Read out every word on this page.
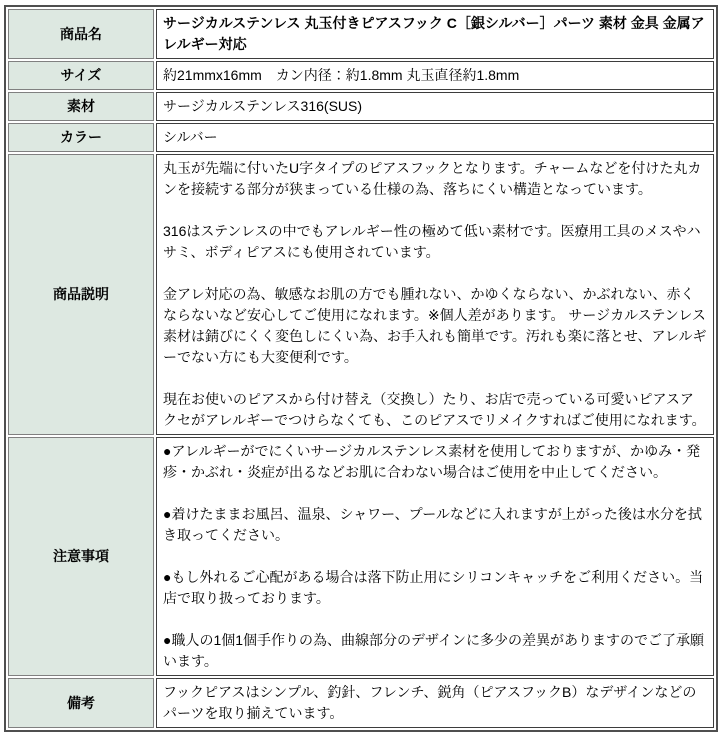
商品名	サージカルステンレス 丸玉付きピアスフック C［銀シルバー］パーツ 素材 金具 金属アレルギー対応
サイズ	約21mmx16mm　カン内径：約1.8mm 丸玉直径約1.8mm
素材	サージカルステンレス316(SUS)
カラー	シルバー
商品説明	丸玉が先端に付いたU字タイプのピアスフックとなります。チャームなどを付けた丸カンを接続する部分が狭まっている仕様の為、落ちにくい構造となっています。

316はステンレスの中でもアレルギー性の極めて低い素材です。医療用工具のメスやハサミ、ボディピアスにも使用されています。

金アレ対応の為、敏感なお肌の方でも腫れない、かゆくならない、かぶれない、赤くならないなど安心してご使用になれます。※個人差があります。 サージカルステンレス素材は錆びにくく変色しにくい為、お手入れも簡単です。汚れも楽に落とせ、アレルギーでない方にも大変便利です。

現在お使いのピアスから付け替え（交換し）たり、お店で売っている可愛いピアスアクセがアレルギーでつけらなくても、このピアスでリメイクすればご使用になれます。

注意事項	●アレルギーがでにくいサージカルステンレス素材を使用しておりますが、かゆみ・発疹・かぶれ・炎症が出るなどお肌に合わない場合はご使用を中止してください。

●着けたままお風呂、温泉、シャワー、プールなどに入れますが上がった後は水分を拭き取ってください。

●もし外れるご心配がある場合は落下防止用にシリコンキャッチをご利用ください。当店で取り扱っております。

●職人の1個1個手作りの為、曲線部分のデザインに多少の差異がありますのでご了承願います。

備考	フックピアスはシンプル、釣針、フレンチ、鋭角（ピアスフックB）なデザインなどのパーツを取り揃えています。
